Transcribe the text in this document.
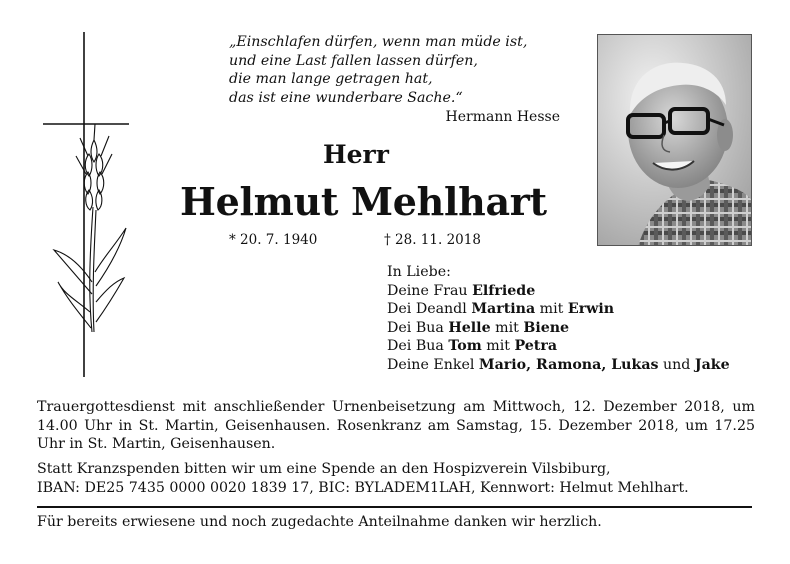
„Einschlafen dürfen, wenn man müde ist,
und eine Last fallen lassen dürfen,
die man lange getragen hat,
das ist eine wunderbare Sache.“
Hermann Hesse
Herr
Helmut Mehlhart
* 20. 7. 1940	† 28. 11. 2018
In Liebe:
Deine Frau Elfriede
Dei Deandl Martina mit Erwin
Dei Bua Helle mit Biene
Dei Bua Tom mit Petra
Deine Enkel Mario, Ramona, Lukas und Jake
Trauergottesdienst mit anschließender Urnenbeisetzung am Mittwoch, 12. Dezember 2018, um 14.00 Uhr in St. Martin, Geisenhausen. Rosenkranz am Samstag, 15. Dezember 2018, um 17.25 Uhr in St. Martin, Geisenhausen.
Statt Kranzspenden bitten wir um eine Spende an den Hospizverein Vilsbiburg,
IBAN: DE25 7435 0000 0020 1839 17, BIC: BYLADEM1LAH, Kennwort: Helmut Mehlhart.
Für bereits erwiesene und noch zugedachte Anteilnahme danken wir herzlich.
